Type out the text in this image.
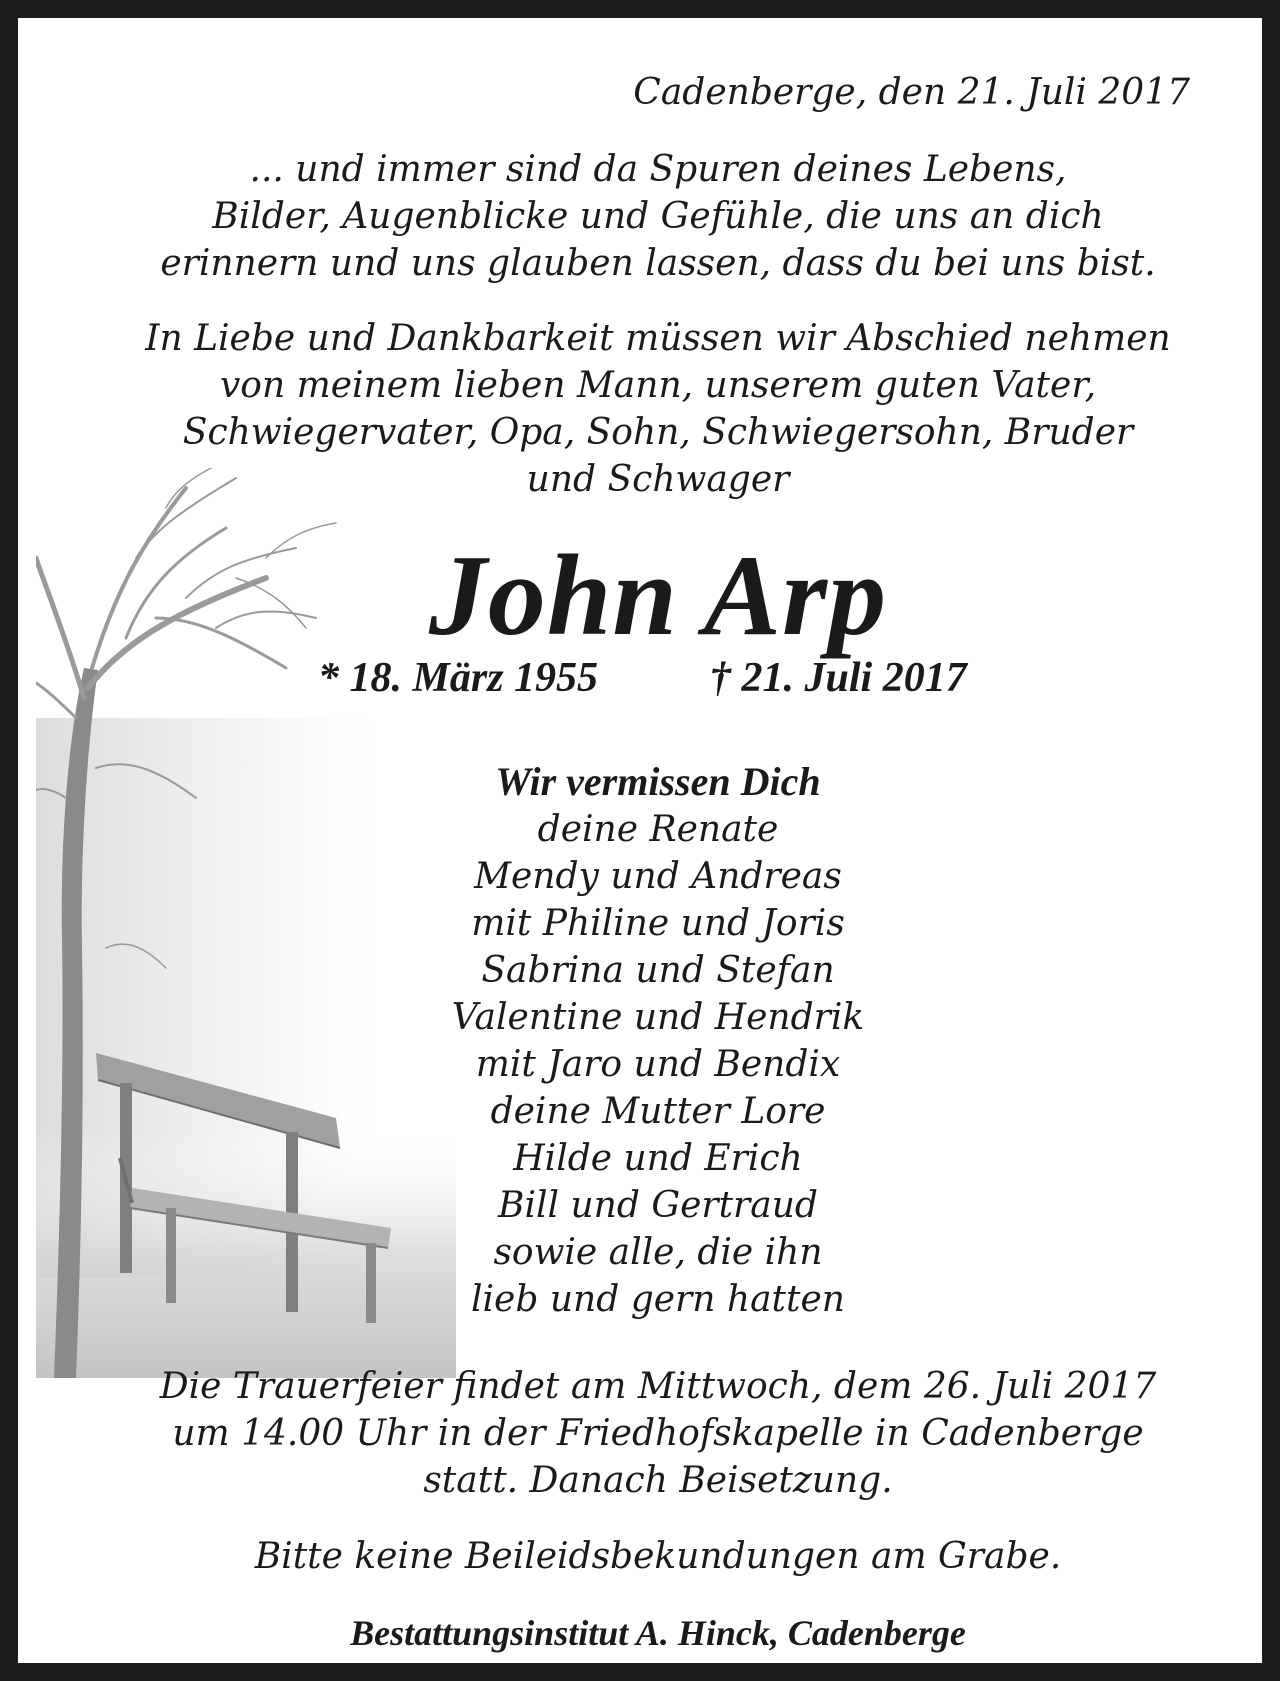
Cadenberge, den 21. Juli 2017
... und immer sind da Spuren deines Lebens,
Bilder, Augenblicke und Gefühle, die uns an dich
erinnern und uns glauben lassen, dass du bei uns bist.
In Liebe und Dankbarkeit müssen wir Abschied nehmen
von meinem lieben Mann, unserem guten Vater,
Schwiegervater, Opa, Sohn, Schwiegersohn, Bruder
und Schwager
John Arp
* 18. März 1955	† 21. Juli 2017
Wir vermissen Dich
deine Renate
Mendy und Andreas
mit Philine und Joris
Sabrina und Stefan
Valentine und Hendrik
mit Jaro und Bendix
deine Mutter Lore
Hilde und Erich
Bill und Gertraud
sowie alle, die ihn
lieb und gern hatten
Die Trauerfeier findet am Mittwoch, dem 26. Juli 2017
um 14.00 Uhr in der Friedhofskapelle in Cadenberge
statt. Danach Beisetzung.
Bitte keine Beileidsbekundungen am Grabe.
Bestattungsinstitut A. Hinck, Cadenberge
